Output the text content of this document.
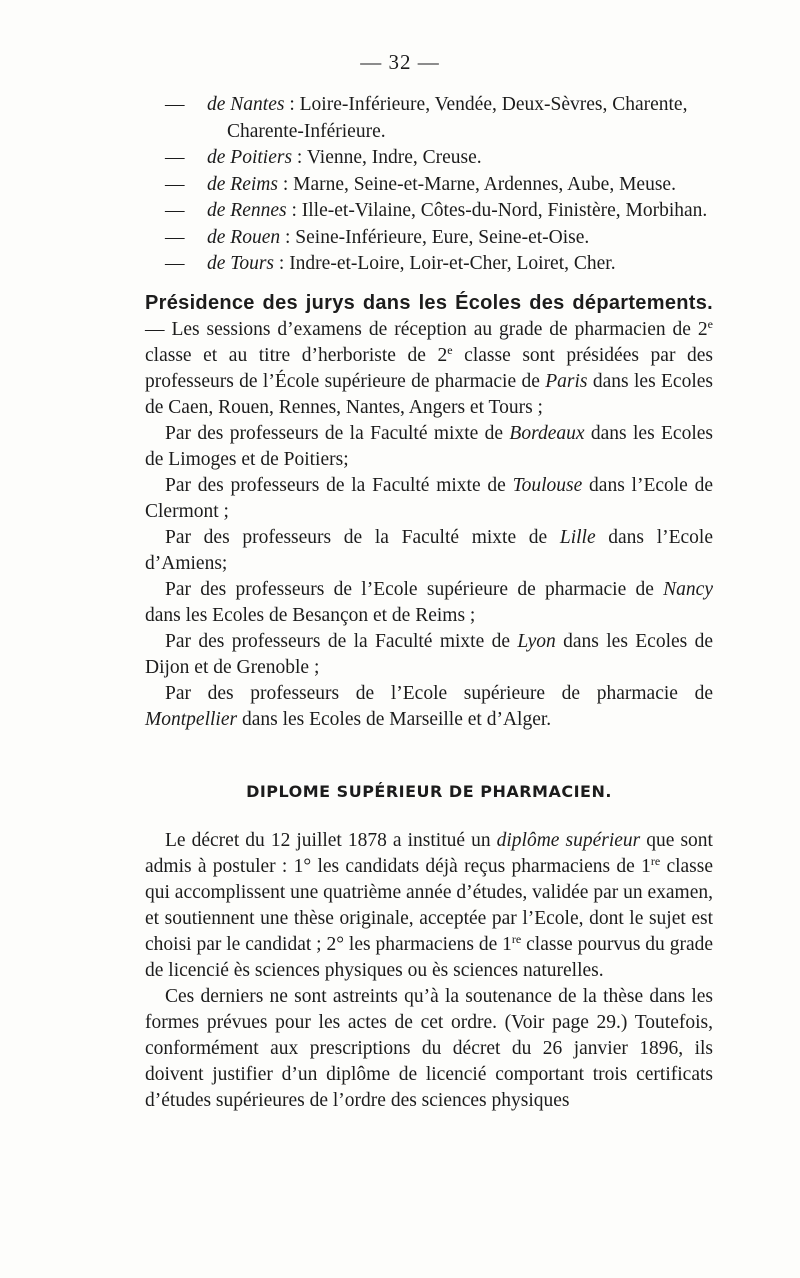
— 32 —
—	de Nantes : Loire-Inférieure, Vendée, Deux-Sèvres, Charente,
Charente-Inférieure.
—	de Poitiers : Vienne, Indre, Creuse.
—	de Reims : Marne, Seine-et-Marne, Ardennes, Aube, Meuse.
—	de Rennes : Ille-et-Vilaine, Côtes-du-Nord, Finistère, Morbihan.
—	de Rouen : Seine-Inférieure, Eure, Seine-et-Oise.
—	de Tours : Indre-et-Loire, Loir-et-Cher, Loiret, Cher.

Présidence des jurys dans les Écoles des départements. — Les sessions d’examens de réception au grade de pharmacien de 2e classe et au titre d’herboriste de 2e classe sont présidées par des professeurs de l’École supérieure de pharmacie de Paris dans les Ecoles de Caen, Rouen, Rennes, Nantes, Angers et Tours ;

Par des professeurs de la Faculté mixte de Bordeaux dans les Ecoles de Limoges et de Poitiers;

Par des professeurs de la Faculté mixte de Toulouse dans l’Ecole de Clermont ;

Par des professeurs de la Faculté mixte de Lille dans l’Ecole d’Amiens;

Par des professeurs de l’Ecole supérieure de pharmacie de Nancy dans les Ecoles de Besançon et de Reims ;

Par des professeurs de la Faculté mixte de Lyon dans les Ecoles de Dijon et de Grenoble ;

Par des professeurs de l’Ecole supérieure de pharmacie de Montpellier dans les Ecoles de Marseille et d’Alger.

DIPLOME SUPÉRIEUR DE PHARMACIEN.

Le décret du 12 juillet 1878 a institué un diplôme supérieur que sont admis à postuler : 1° les candidats déjà reçus pharmaciens de 1re classe qui accomplissent une quatrième année d’études, validée par un examen, et soutiennent une thèse originale, acceptée par l’Ecole, dont le sujet est choisi par le candidat ; 2° les pharmaciens de 1re classe pourvus du grade de licencié ès sciences physiques ou ès sciences naturelles.

Ces derniers ne sont astreints qu’à la soutenance de la thèse dans les formes prévues pour les actes de cet ordre. (Voir page 29.) Toutefois, conformément aux prescriptions du décret du 26 janvier 1896, ils doivent justifier d’un diplôme de licencié comportant trois certificats d’études supérieures de l’ordre des sciences physiques
